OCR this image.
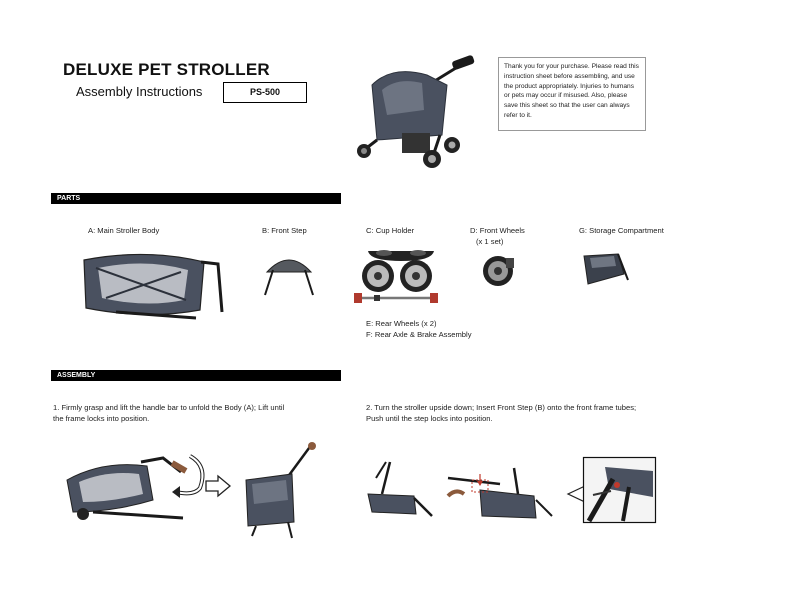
DELUXE PET STROLLER
Assembly Instructions	PS-500
Thank you for your purchase. Please read this instruction sheet before assembling, and use the product appropriately. Injuries to humans or pets may occur if misused. Also, please save this sheet so that the user can always refer to it.
PARTS
A: Main Stroller Body	B: Front Step	C: Cup Holder	D: Front Wheels
(x 1 set)
G: Storage Compartment
E: Rear Wheels (x 2)
F: Rear Axle & Brake Assembly
ASSEMBLY
1. Firmly grasp and lift the handle bar to unfold the Body (A); Lift until
the frame locks into position.
2. Turn the stroller upside down; Insert Front Step (B) onto the front frame tubes;
Push until the step locks into position.
